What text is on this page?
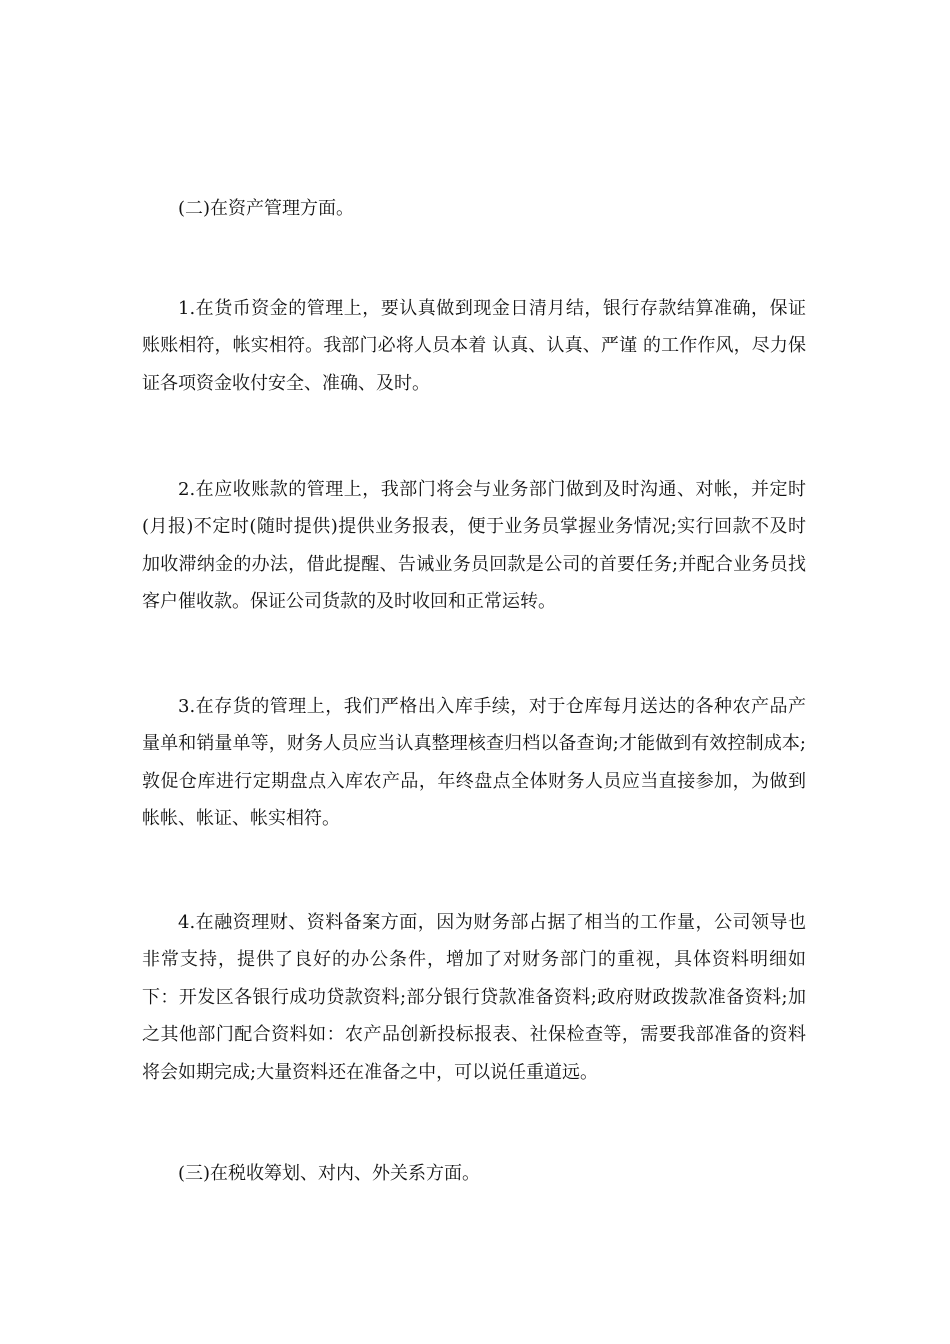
(二)在资产管理方面。

1.在货币资金的管理上，要认真做到现金日清月结，银行存款结算准确，保证账账相符，帐实相符。我部门必将人员本着 认真、认真、严谨 的工作作风，尽力保证各项资金收付安全、准确、及时。

2.在应收账款的管理上，我部门将会与业务部门做到及时沟通、对帐，并定时(月报)不定时(随时提供)提供业务报表，便于业务员掌握业务情况;实行回款不及时加收滞纳金的办法，借此提醒、告诫业务员回款是公司的首要任务;并配合业务员找客户催收款。保证公司货款的及时收回和正常运转。

3.在存货的管理上，我们严格出入库手续，对于仓库每月送达的各种农产品产量单和销量单等，财务人员应当认真整理核查归档以备查询;才能做到有效控制成本;敦促仓库进行定期盘点入库农产品，年终盘点全体财务人员应当直接参加，为做到帐帐、帐证、帐实相符。

4.在融资理财、资料备案方面，因为财务部占据了相当的工作量，公司领导也非常支持，提供了良好的办公条件，增加了对财务部门的重视，具体资料明细如下：开发区各银行成功贷款资料;部分银行贷款准备资料;政府财政拨款准备资料;加之其他部门配合资料如：农产品创新投标报表、社保检查等，需要我部准备的资料将会如期完成;大量资料还在准备之中，可以说任重道远。

(三)在税收筹划、对内、外关系方面。
